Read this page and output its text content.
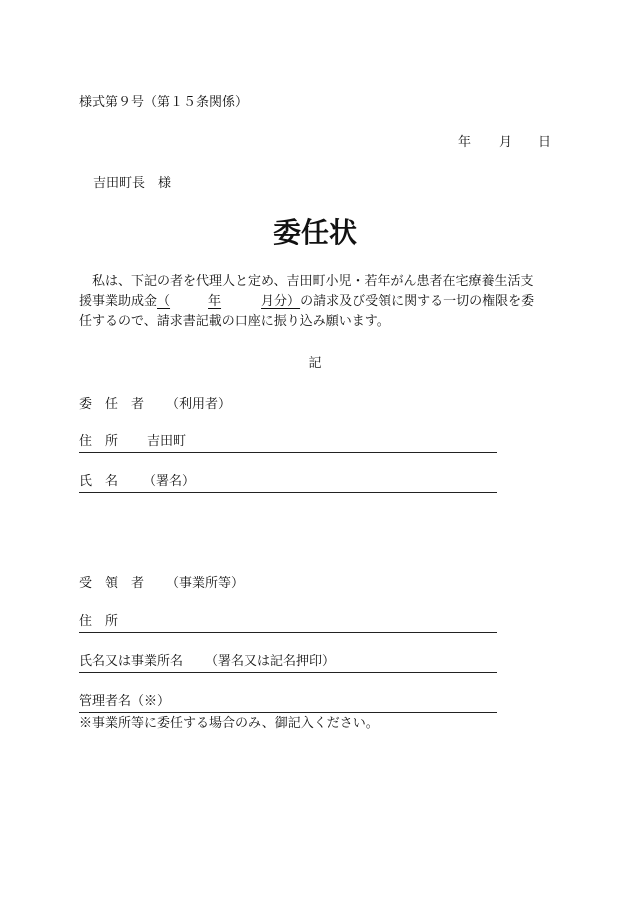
様式第９号（第１５条関係）
年 月 日
吉田町長　様
委任状
私は、下記の者を代理人と定め、吉田町小児・若年がん患者在宅療養生活支
援事業助成金（	年	月分）の請求及び受領に関する一切の権限を委
任するので、請求書記載の口座に振り込み願います。
記
委　任　者 （利用者）
住　所 吉田町
氏　名 （署名）
受　領　者 （事業所等）
住　所
氏名又は事業所名 （署名又は記名押印）
管理者名（※）
※事業所等に委任する場合のみ、御記入ください。
